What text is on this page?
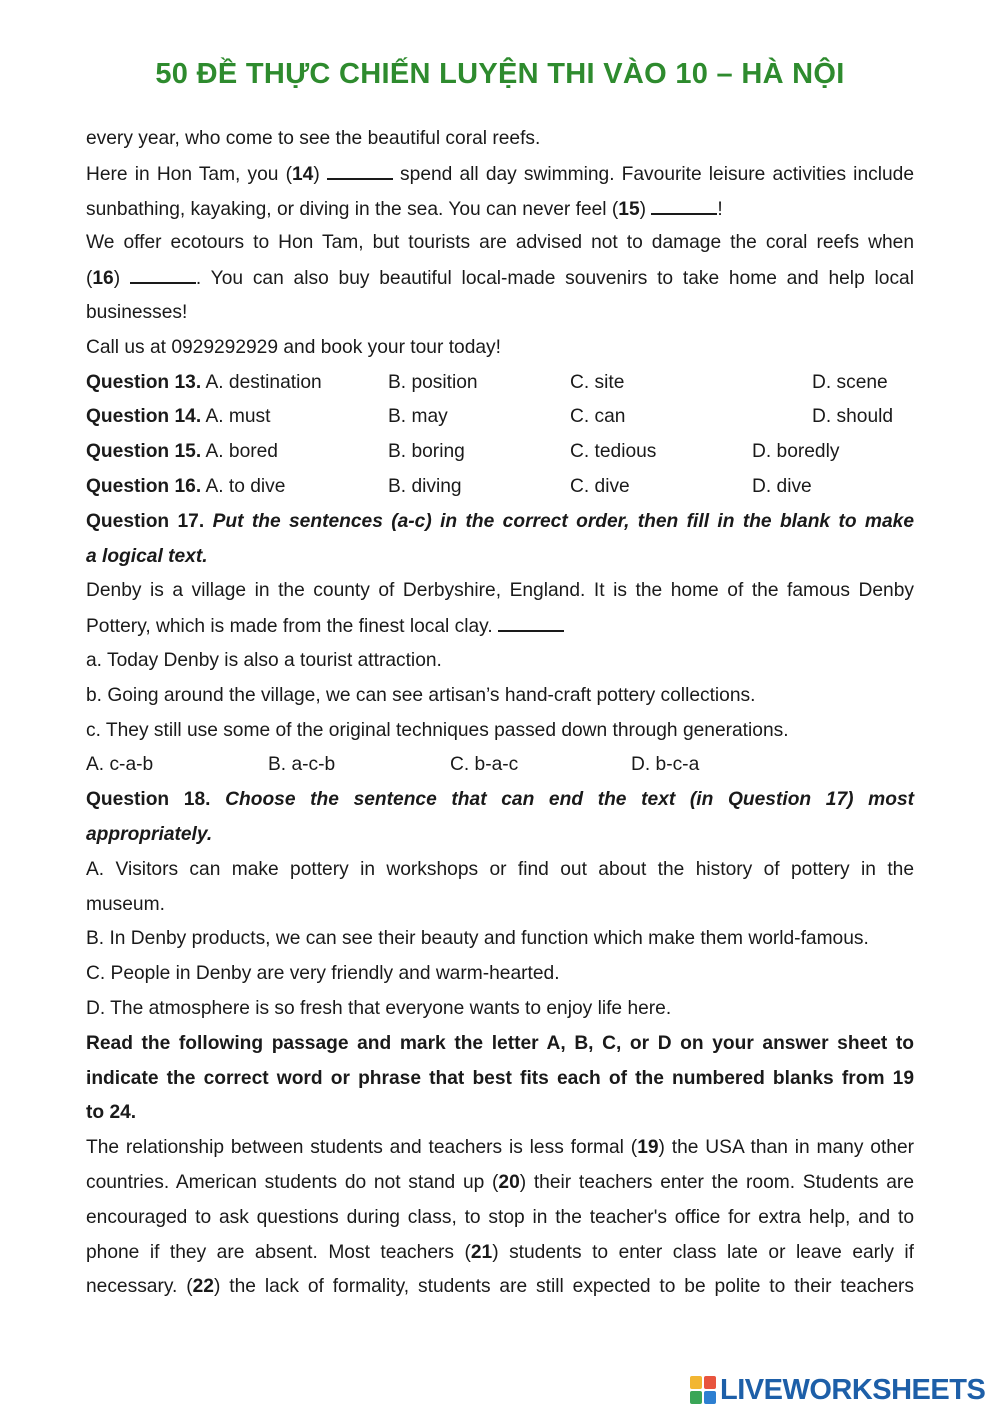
50 ĐỀ THỰC CHIẾN LUYỆN THI VÀO 10 – HÀ NỘI
every year, who come to see the beautiful coral reefs.
Here in Hon Tam, you (14)	spend all day swimming. Favourite leisure activities include
sunbathing, kayaking, or diving in the sea. You can never feel (15)	!
We offer ecotours to Hon Tam, but tourists are advised not to damage the coral reefs when
(16)	. You can also buy beautiful local-made souvenirs to take home and help local
businesses!
Call us at 0929292929 and book your tour today!
Question 13. A. destination	B. position	C. site	D. scene
Question 14. A. must	B. may	C. can	D. should
Question 15. A. bored	B. boring	C. tedious	D. boredly
Question 16. A. to dive	B. diving	C. dive	D. dive
Question 17. Put the sentences (a-c) in the correct order, then fill in the blank to make
a logical text.
Denby is a village in the county of Derbyshire, England. It is the home of the famous Denby
Pottery, which is made from the finest local clay.
a. Today Denby is also a tourist attraction.
b. Going around the village, we can see artisan’s hand-craft pottery collections.
c. They still use some of the original techniques passed down through generations.
A. c-a-b	B. a-c-b	C. b-a-c	D. b-c-a
Question 18. Choose the sentence that can end the text (in Question 17) most
appropriately.
A. Visitors can make pottery in workshops or find out about the history of pottery in the
museum.
B. In Denby products, we can see their beauty and function which make them world-famous.
C. People in Denby are very friendly and warm-hearted.
D. The atmosphere is so fresh that everyone wants to enjoy life here.
Read the following passage and mark the letter A, B, C, or D on your answer sheet to
indicate the correct word or phrase that best fits each of the numbered blanks from 19
to 24.
The relationship between students and teachers is less formal (19) the USA than in many other
countries. American students do not stand up (20) their teachers enter the room. Students are
encouraged to ask questions during class, to stop in the teacher's office for extra help, and to
phone if they are absent. Most teachers (21) students to enter class late or leave early if
necessary. (22) the lack of formality, students are still expected to be polite to their teachers
LIVEWORKSHEETS
